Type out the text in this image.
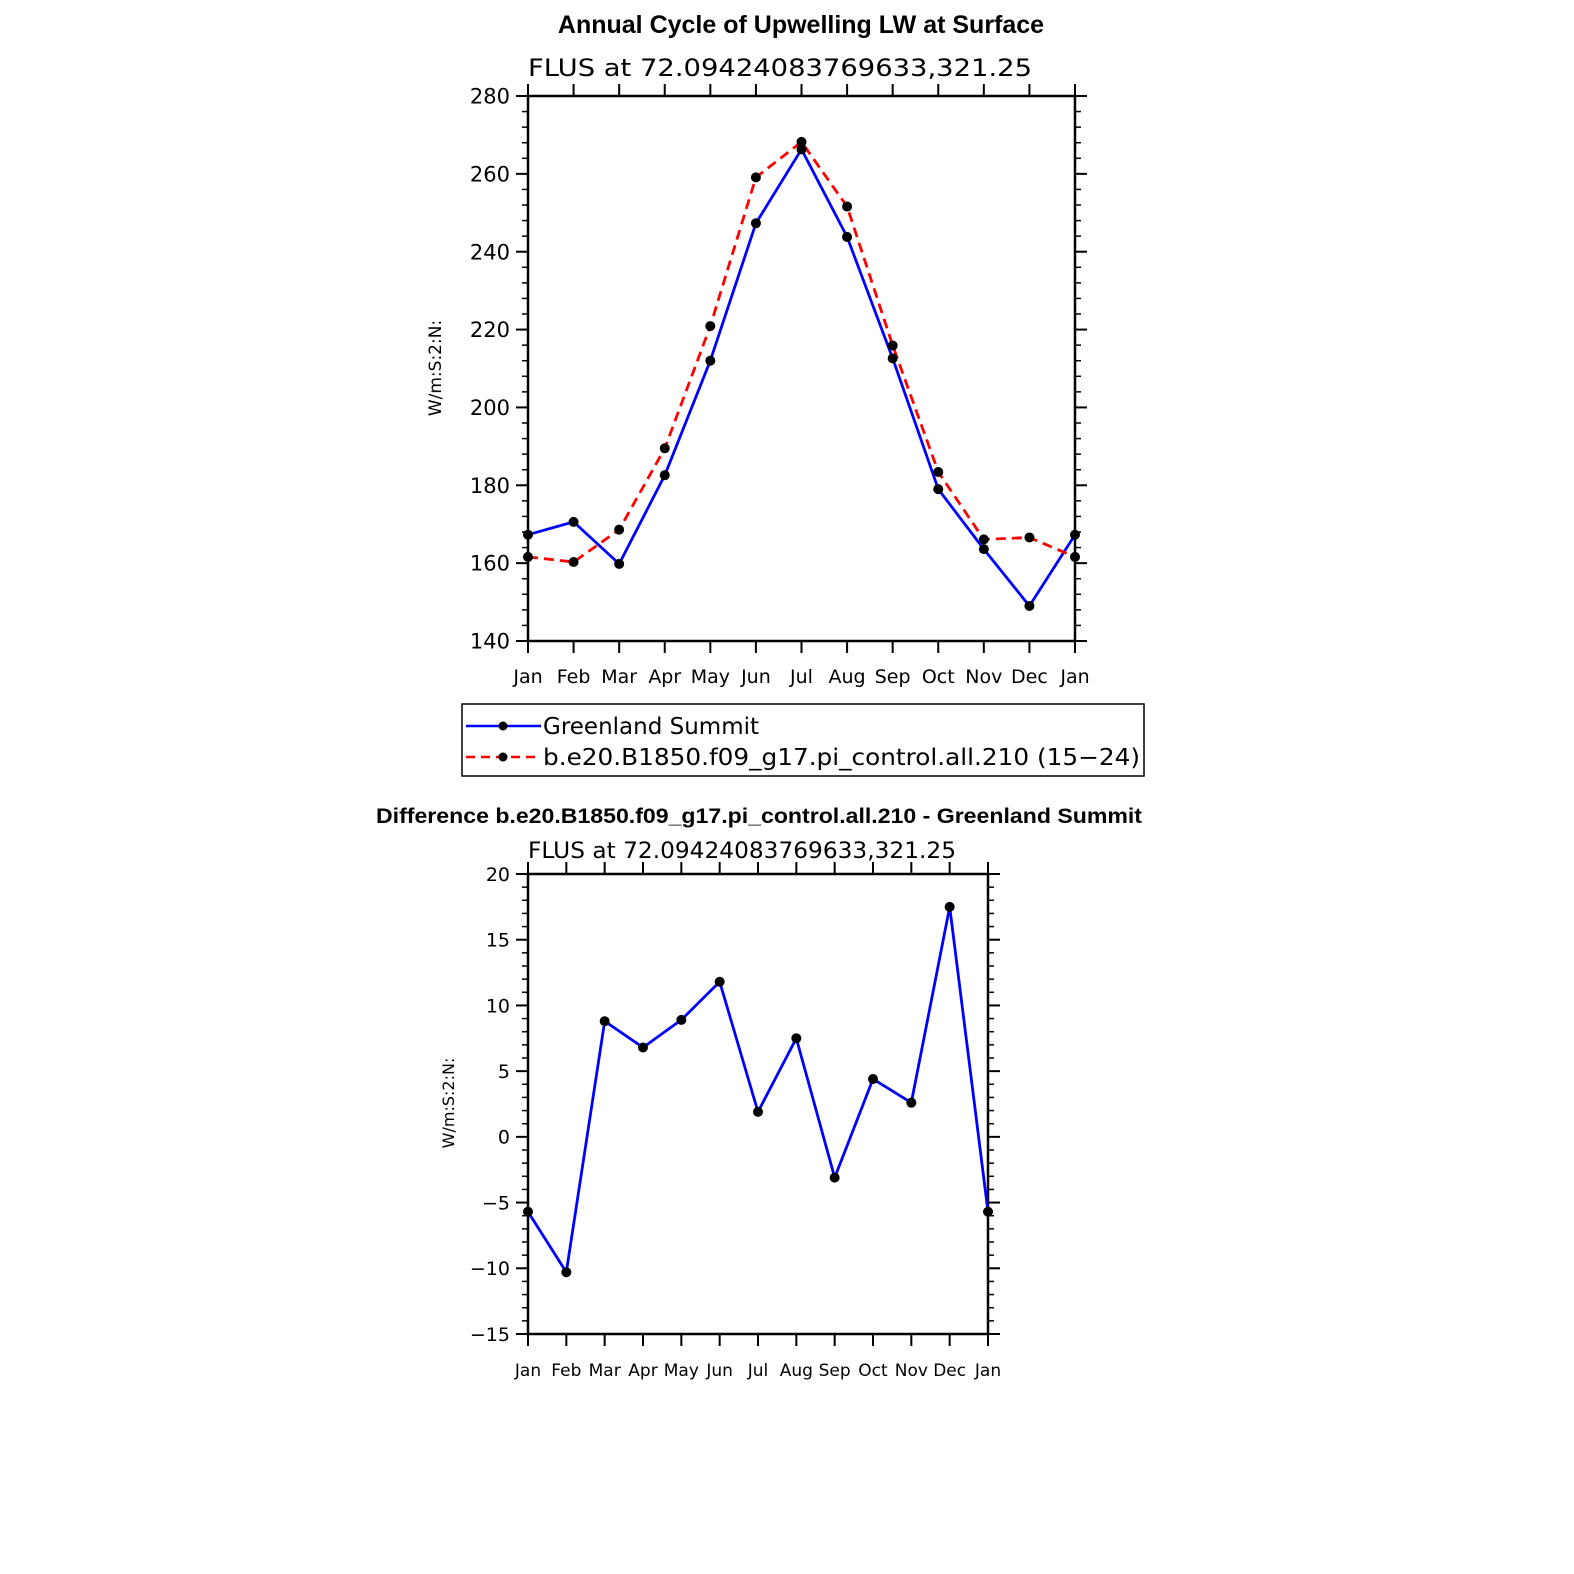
Annual Cycle of Upwelling LW at Surface
FLUS at 72.09424083769633,321.25
W/m:S:2:N:
Jan Feb Mar Apr May Jun Jul Aug Sep Oct Nov Dec Jan
140
160
180
200
220
240
260
280
Greenland Summit
b.e20.B1850.f09_g17.pi_control.all.210 (15−24)
Difference b.e20.B1850.f09_g17.pi_control.all.210 - Greenland Summit
FLUS at 72.09424083769633,321.25
W/m:S:2:N:
Jan Feb Mar Apr May Jun Jul Aug Sep Oct Nov Dec Jan
−15
−10
−5
0
5
10
15
20
